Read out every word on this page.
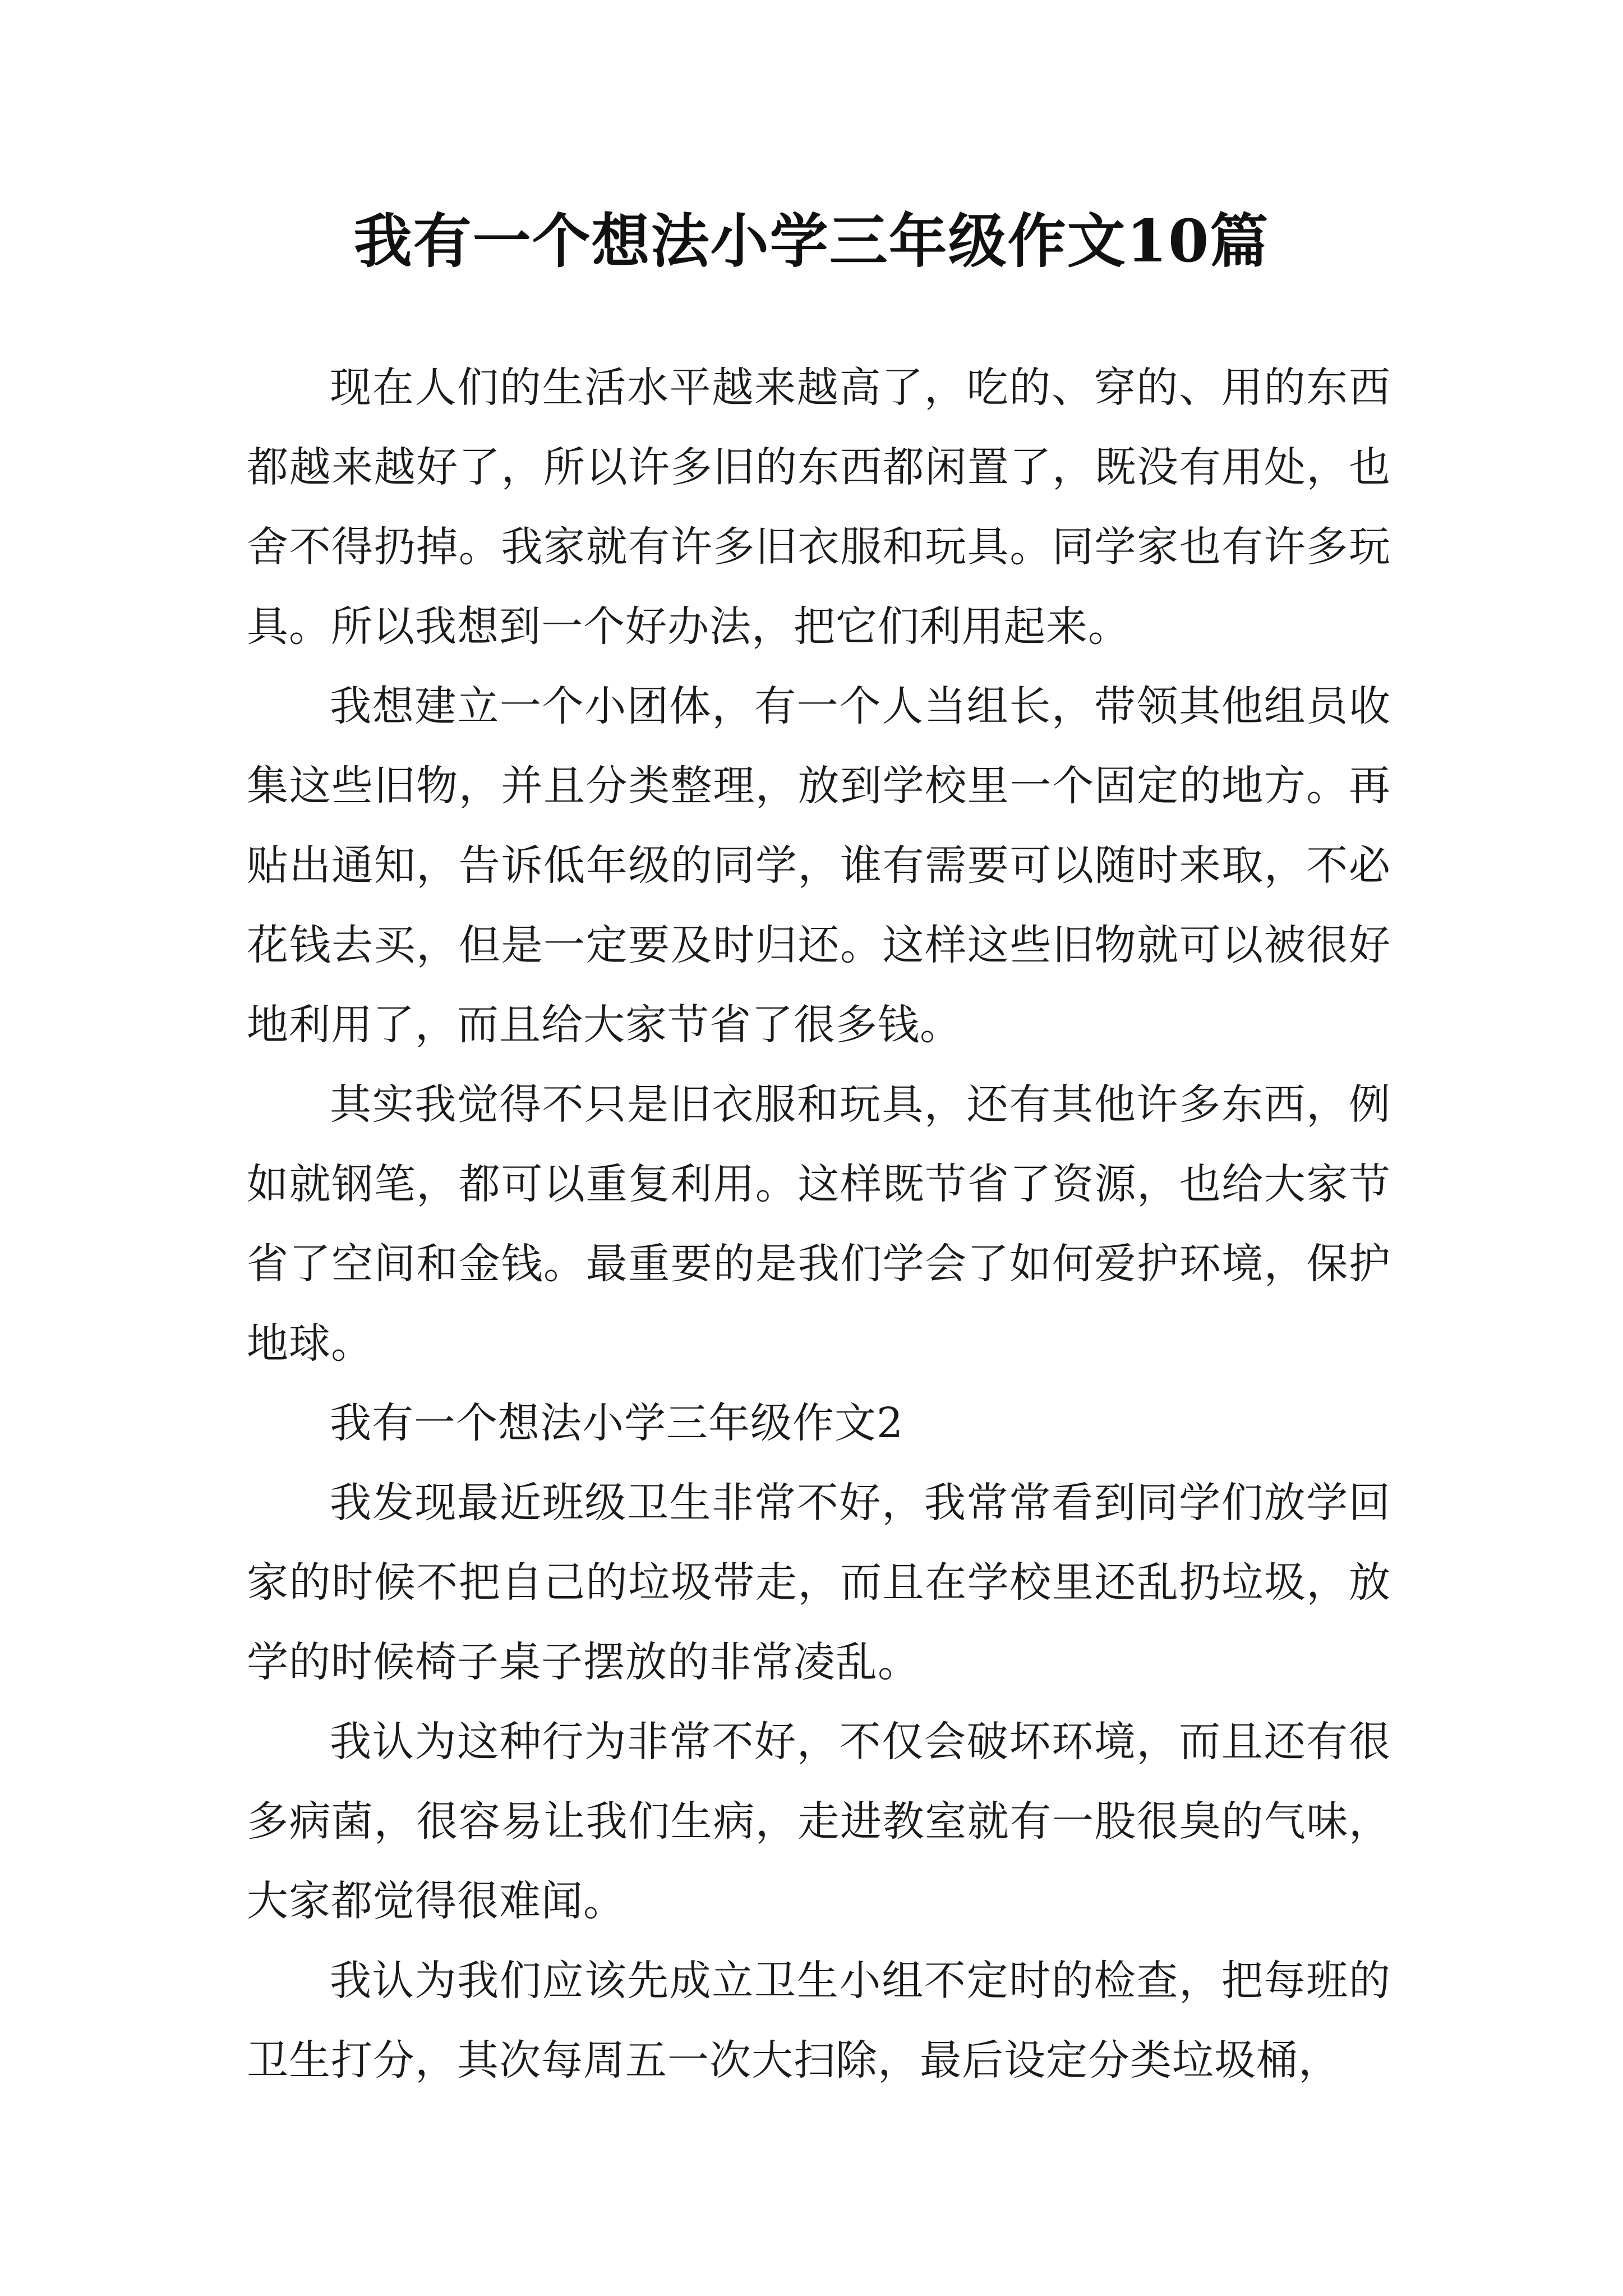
我有一个想法小学三年级作文10篇

现在人们的生活水平越来越高了，吃的、穿的、用的东西都越来越好了，所以许多旧的东西都闲置了，既没有用处，也舍不得扔掉。我家就有许多旧衣服和玩具。同学家也有许多玩具。所以我想到一个好办法，把它们利用起来。

我想建立一个小团体，有一个人当组长，带领其他组员收集这些旧物，并且分类整理，放到学校里一个固定的地方。再贴出通知，告诉低年级的同学，谁有需要可以随时来取，不必花钱去买，但是一定要及时归还。这样这些旧物就可以被很好地利用了，而且给大家节省了很多钱。

其实我觉得不只是旧衣服和玩具，还有其他许多东西，例如就钢笔，都可以重复利用。这样既节省了资源，也给大家节省了空间和金钱。最重要的是我们学会了如何爱护环境，保护地球。

我有一个想法小学三年级作文2

我发现最近班级卫生非常不好，我常常看到同学们放学回家的时候不把自己的垃圾带走，而且在学校里还乱扔垃圾，放学的时候椅子桌子摆放的非常凌乱。

我认为这种行为非常不好，不仅会破坏环境，而且还有很多病菌，很容易让我们生病，走进教室就有一股很臭的气味，大家都觉得很难闻。

我认为我们应该先成立卫生小组不定时的检查，把每班的卫生打分，其次每周五一次大扫除，最后设定分类垃圾桶，
